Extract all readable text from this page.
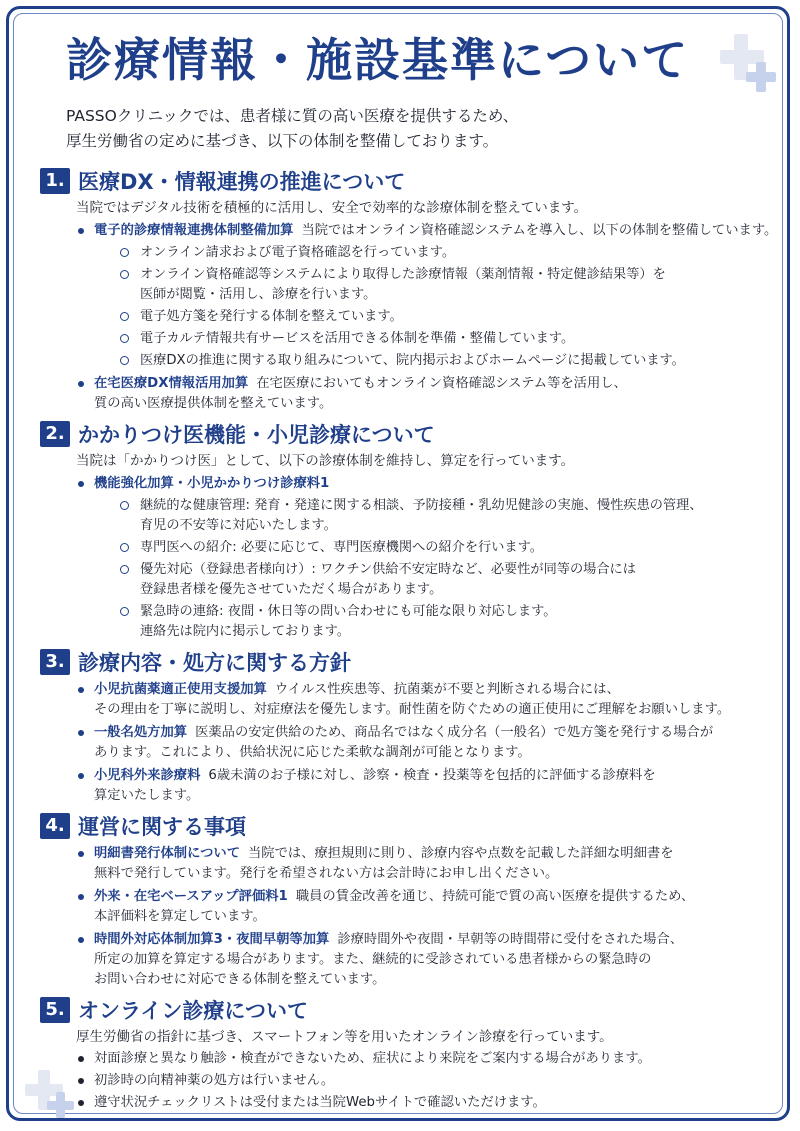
診療情報・施設基準について
PASSOクリニックでは、患者様に質の高い医療を提供するため、
厚生労働省の定めに基づき、以下の体制を整備しております。
1. 医療DX・情報連携の推進について
当院ではデジタル技術を積極的に活用し、安全で効率的な診療体制を整えています。
電子的診療情報連携体制整備加算 当院ではオンライン資格確認システムを導入し、以下の体制を整備しています。
オンライン請求および電子資格確認を行っています。
オンライン資格確認等システムにより取得した診療情報（薬剤情報・特定健診結果等）を
医師が閲覧・活用し、診療を行います。
電子処方箋を発行する体制を整えています。
電子カルテ情報共有サービスを活用できる体制を準備・整備しています。
医療DXの推進に関する取り組みについて、院内掲示およびホームページに掲載しています。
在宅医療DX情報活用加算 在宅医療においてもオンライン資格確認システム等を活用し、
質の高い医療提供体制を整えています。
2. かかりつけ医機能・小児診療について
当院は「かかりつけ医」として、以下の診療体制を維持し、算定を行っています。
機能強化加算・小児かかりつけ診療料1
継続的な健康管理: 発育・発達に関する相談、予防接種・乳幼児健診の実施、慢性疾患の管理、
育児の不安等に対応いたします。
専門医への紹介: 必要に応じて、専門医療機関への紹介を行います。
優先対応（登録患者様向け）: ワクチン供給不安定時など、必要性が同等の場合には
登録患者様を優先させていただく場合があります。
緊急時の連絡: 夜間・休日等の問い合わせにも可能な限り対応します。
連絡先は院内に掲示しております。
3. 診療内容・処方に関する方針
小児抗菌薬適正使用支援加算 ウイルス性疾患等、抗菌薬が不要と判断される場合には、
その理由を丁寧に説明し、対症療法を優先します。耐性菌を防ぐための適正使用にご理解をお願いします。
一般名処方加算 医薬品の安定供給のため、商品名ではなく成分名（一般名）で処方箋を発行する場合が
あります。これにより、供給状況に応じた柔軟な調剤が可能となります。
小児科外来診療料 6歳未満のお子様に対し、診察・検査・投薬等を包括的に評価する診療料を
算定いたします。
4. 運営に関する事項
明細書発行体制について 当院では、療担規則に則り、診療内容や点数を記載した詳細な明細書を
無料で発行しています。発行を希望されない方は会計時にお申し出ください。
外来・在宅ベースアップ評価料1 職員の賃金改善を通じ、持続可能で質の高い医療を提供するため、
本評価料を算定しています。
時間外対応体制加算3・夜間早朝等加算 診療時間外や夜間・早朝等の時間帯に受付をされた場合、
所定の加算を算定する場合があります。また、継続的に受診されている患者様からの緊急時の
お問い合わせに対応できる体制を整えています。
5. オンライン診療について
厚生労働省の指針に基づき、スマートフォン等を用いたオンライン診療を行っています。
対面診療と異なり触診・検査ができないため、症状により来院をご案内する場合があります。
初診時の向精神薬の処方は行いません。
遵守状況チェックリストは受付または当院Webサイトで確認いただけます。
